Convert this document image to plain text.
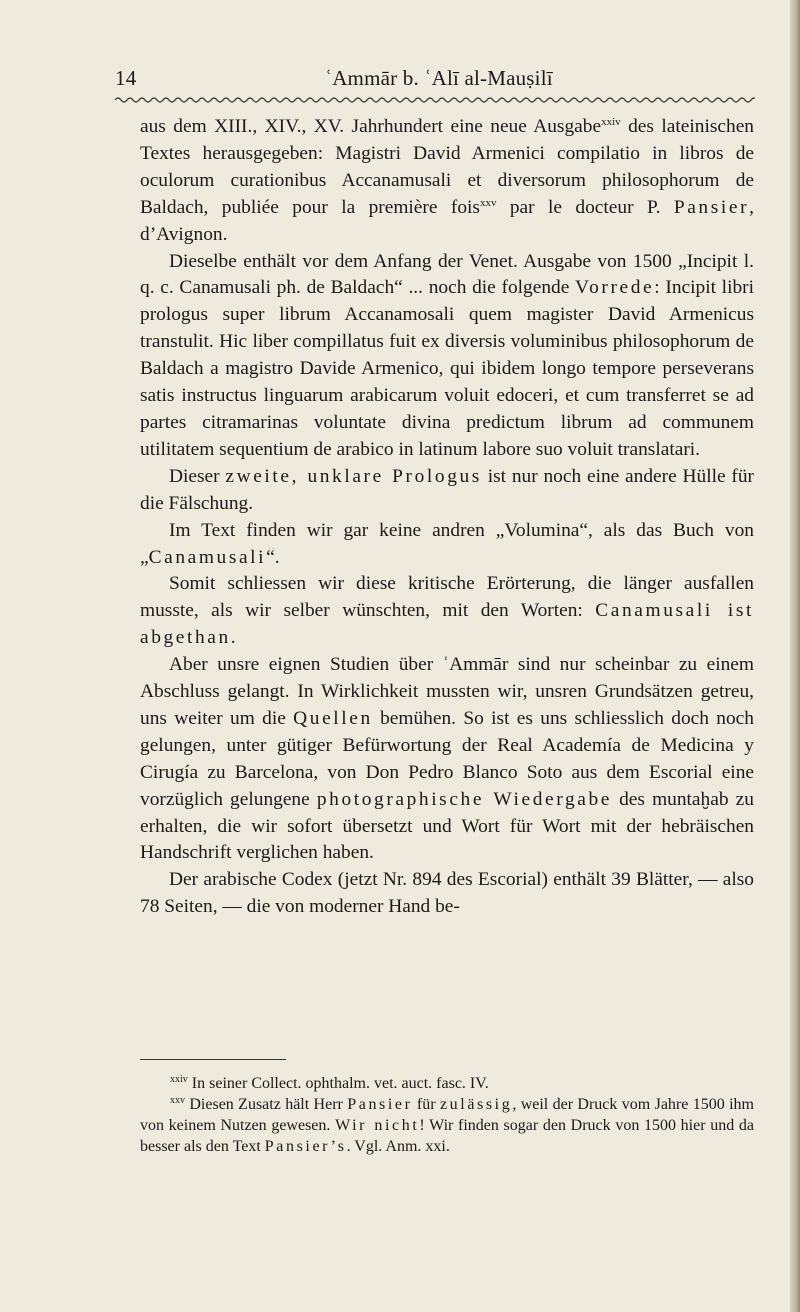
14	ʿAmmār b. ʿAlī al-Mauṣilī

aus dem XIII., XIV., XV. Jahrhundert eine neue Ausgabe$^{xxiv}$ des lateinischen Textes herausgegeben: Magistri David Armenici compilatio in libros de oculorum curationibus Accanamusali et diversorum philosophorum de Baldach, publiée pour la première fois$^{xxv}$ par le docteur P. Pansier, d’Avignon.

Dieselbe enthält vor dem Anfang der Venet. Ausgabe von 1500 „Incipit l. q. c. Canamusali ph. de Baldach“ ... noch die folgende Vorrede: Incipit libri prologus super librum Accanamosali quem magister David Armenicus transtulit. Hic liber compillatus fuit ex diversis voluminibus philosophorum de Baldach a magistro Davide Armenico, qui ibidem longo tempore perseverans satis instructus linguarum arabicarum voluit edoceri, et cum transferret se ad partes citramarinas voluntate divina predictum librum ad communem utilitatem sequentium de arabico in latinum labore suo voluit translatari.

Dieser zweite, unklare Prologus ist nur noch eine andere Hülle für die Fälschung.

Im Text finden wir gar keine andren „Volumina“, als das Buch von „Canamusali“.

Somit schliessen wir diese kritische Erörterung, die länger ausfallen musste, als wir selber wünschten, mit den Worten: Canamusali ist abgethan.

Aber unsre eignen Studien über ʿAmmār sind nur scheinbar zu einem Abschluss gelangt. In Wirklichkeit mussten wir, unsren Grundsätzen getreu, uns weiter um die Quellen bemühen. So ist es uns schliesslich doch noch gelungen, unter gütiger Befürwortung der Real Academía de Medicina y Cirugía zu Barcelona, von Don Pedro Blanco Soto aus dem Escorial eine vorzüglich gelungene photographische Wiedergabe des muntaḫab zu erhalten, die wir sofort übersetzt und Wort für Wort mit der hebräischen Handschrift verglichen haben.

Der arabische Codex (jetzt Nr. 894 des Escorial) enthält 39 Blätter, — also 78 Seiten, — die von moderner Hand be-

$^{xxiv}$ In seiner Collect. ophthalm. vet. auct. fasc. IV.

$^{xxv}$ Diesen Zusatz hält Herr Pansier für zulässig, weil der Druck vom Jahre 1500 ihm von keinem Nutzen gewesen. Wir nicht! Wir finden sogar den Druck von 1500 hier und da besser als den Text Pansier’s. Vgl. Anm. xxi.
